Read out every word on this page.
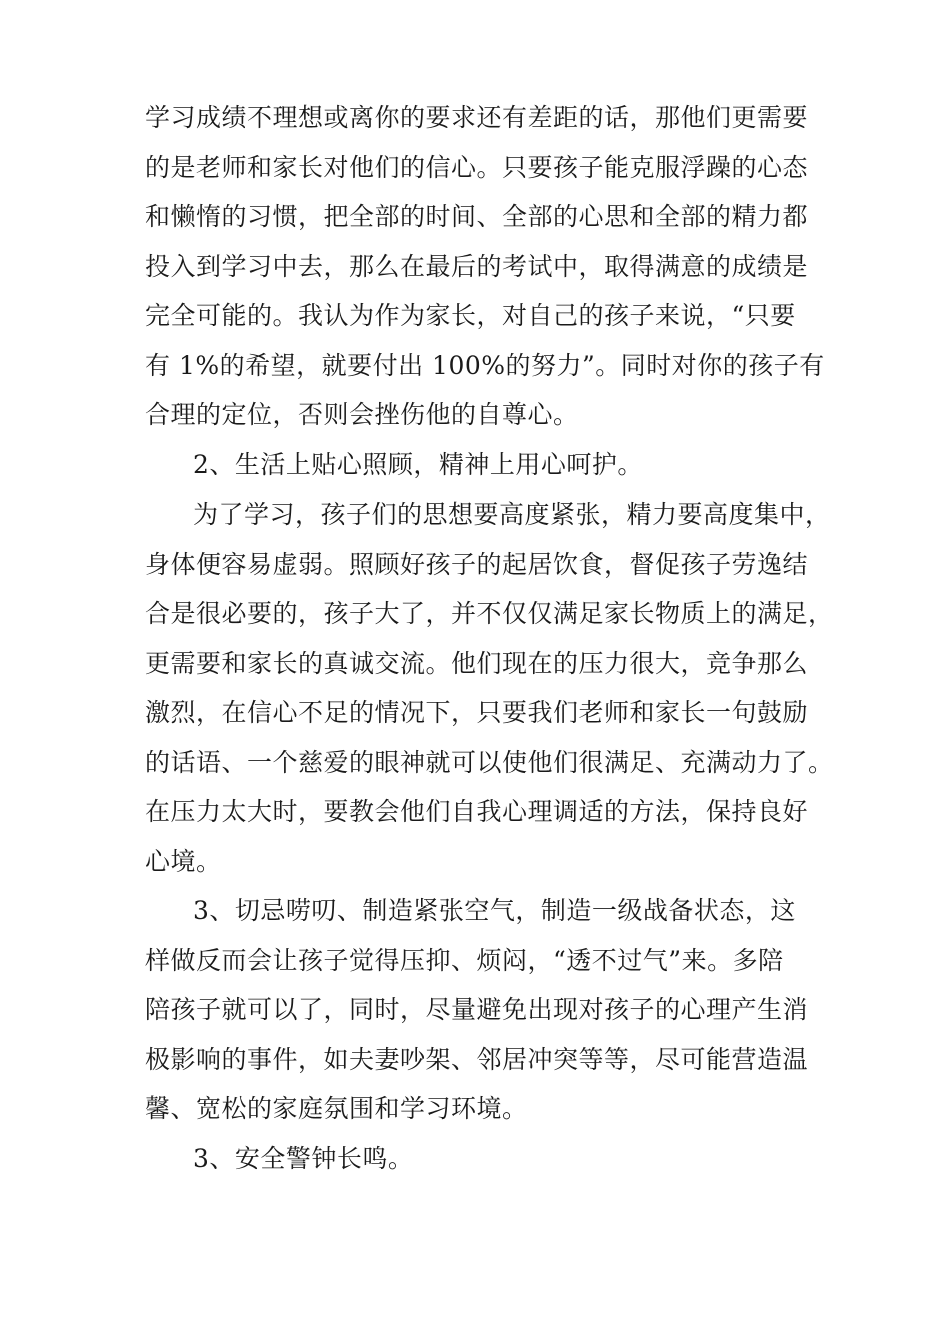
学习成绩不理想或离你的要求还有差距的话，那他们更需要
的是老师和家长对他们的信心。只要孩子能克服浮躁的心态
和懒惰的习惯，把全部的时间、全部的心思和全部的精力都
投入到学习中去，那么在最后的考试中，取得满意的成绩是
完全可能的。我认为作为家长，对自己的孩子来说，“只要
有 1%的希望，就要付出 100%的努力”。同时对你的孩子有
合理的定位，否则会挫伤他的自尊心。
2、生活上贴心照顾，精神上用心呵护。
为了学习，孩子们的思想要高度紧张，精力要高度集中，
身体便容易虚弱。照顾好孩子的起居饮食，督促孩子劳逸结
合是很必要的，孩子大了，并不仅仅满足家长物质上的满足，
更需要和家长的真诚交流。他们现在的压力很大，竞争那么
激烈，在信心不足的情况下，只要我们老师和家长一句鼓励
的话语、一个慈爱的眼神就可以使他们很满足、充满动力了。
在压力太大时，要教会他们自我心理调适的方法，保持良好
心境。
3、切忌唠叨、制造紧张空气，制造一级战备状态，这
样做反而会让孩子觉得压抑、烦闷，“透不过气”来。多陪
陪孩子就可以了，同时，尽量避免出现对孩子的心理产生消
极影响的事件，如夫妻吵架、邻居冲突等等，尽可能营造温
馨、宽松的家庭氛围和学习环境。
3、安全警钟长鸣。
